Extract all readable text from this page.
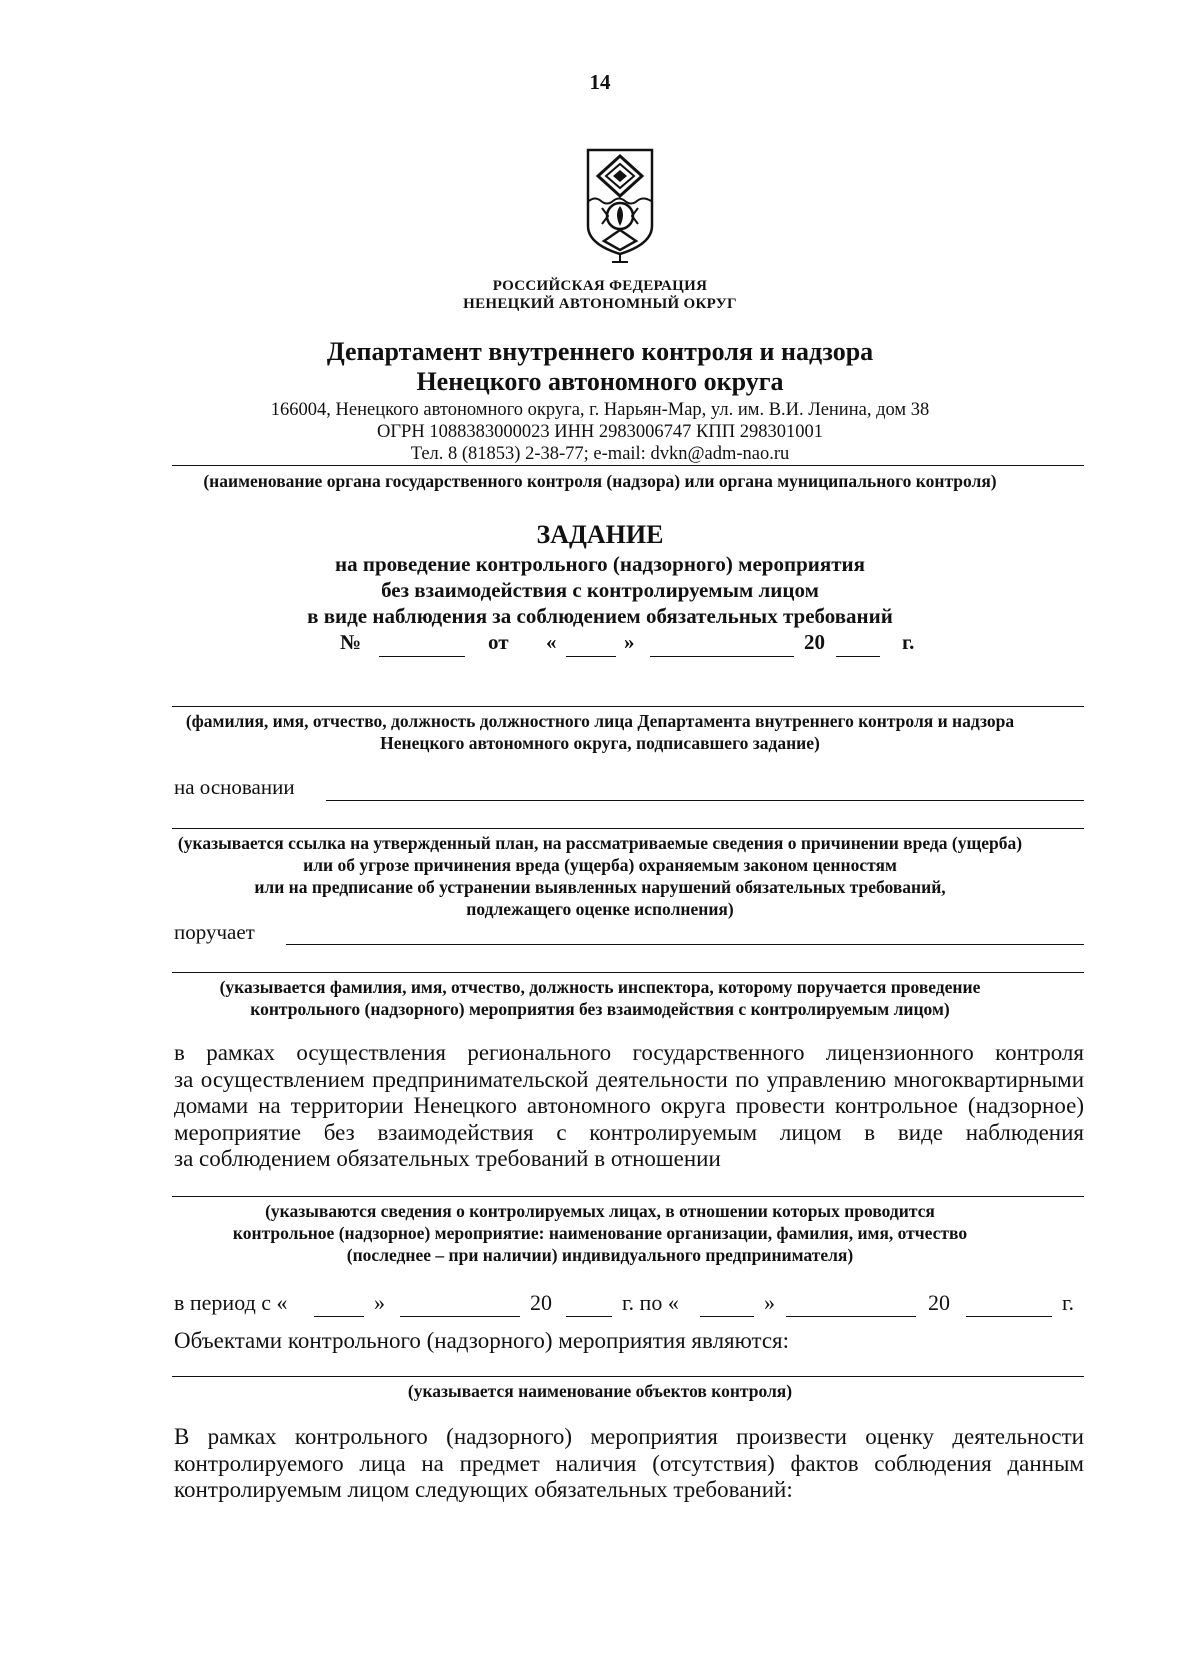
14
РОССИЙСКАЯ ФЕДЕРАЦИЯ
НЕНЕЦКИЙ АВТОНОМНЫЙ ОКРУГ
Департамент внутреннего контроля и надзора
Ненецкого автономного округа
166004, Ненецкого автономного округа, г. Нарьян-Мар, ул. им. В.И. Ленина, дом 38
ОГРН 1088383000023 ИНН 2983006747 КПП 298301001
Тел. 8 (81853) 2-38-77; e-mail: dvkn@adm-nao.ru
(наименование органа государственного контроля (надзора) или органа муниципального контроля)
ЗАДАНИЕ
на проведение контрольного (надзорного) мероприятия
без взаимодействия с контролируемым лицом
в виде наблюдения за соблюдением обязательных требований
№	от «	»	20	г.
(фамилия, имя, отчество, должность должностного лица Департамента внутреннего контроля и надзора
Ненецкого автономного округа, подписавшего задание)
на основании
(указывается ссылка на утвержденный план, на рассматриваемые сведения о причинении вреда (ущерба)
или об угрозе причинения вреда (ущерба) охраняемым законом ценностям
или на предписание об устранении выявленных нарушений обязательных требований,
подлежащего оценке исполнения)
поручает
(указывается фамилия, имя, отчество, должность инспектора, которому поручается проведение
контрольного (надзорного) мероприятия без взаимодействия с контролируемым лицом)
в рамках осуществления регионального государственного лицензионного контроля
за осуществлением предпринимательской деятельности по управлению многоквартирными
домами на территории Ненецкого автономного округа провести контрольное (надзорное)
мероприятие без взаимодействия с контролируемым лицом в виде наблюдения
за соблюдением обязательных требований в отношении
(указываются сведения о контролируемых лицах, в отношении которых проводится
контрольное (надзорное) мероприятие: наименование организации, фамилия, имя, отчество
(последнее – при наличии) индивидуального предпринимателя)
в период с «	»	20	г. по «	»	20	г.
Объектами контрольного (надзорного) мероприятия являются:
(указывается наименование объектов контроля)
В рамках контрольного (надзорного) мероприятия произвести оценку деятельности
контролируемого лица на предмет наличия (отсутствия) фактов соблюдения данным
контролируемым лицом следующих обязательных требований:
